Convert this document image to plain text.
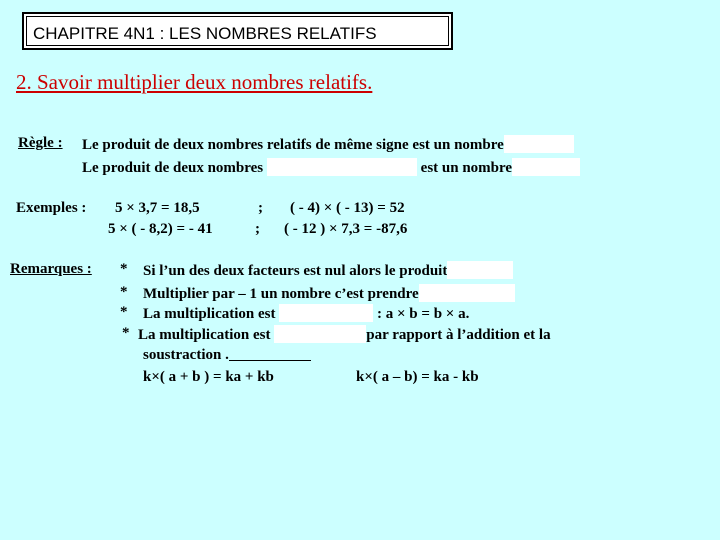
CHAPITRE 4N1 : LES NOMBRES RELATIFS
2. Savoir multiplier deux nombres relatifs.
Règle : Le produit de deux nombres relatifs de même signe est un nombre
Le produit de deux nombres	est un nombre
Exemples : 5 × 3,7 = 18,5	; ( - 4) × ( - 13) = 52
5 × ( - 8,2) = - 41	; ( - 12 ) × 7,3 = -87,6
Remarques : * Si l’un des deux facteurs est nul alors le produit
* Multiplier par – 1 un nombre c’est prendre
* La multiplication est	: a × b = b × a.
* La multiplication est	par rapport à l’addition et la
soustraction .
k×( a + b ) = ka + kb	k×( a – b) = ka - kb
